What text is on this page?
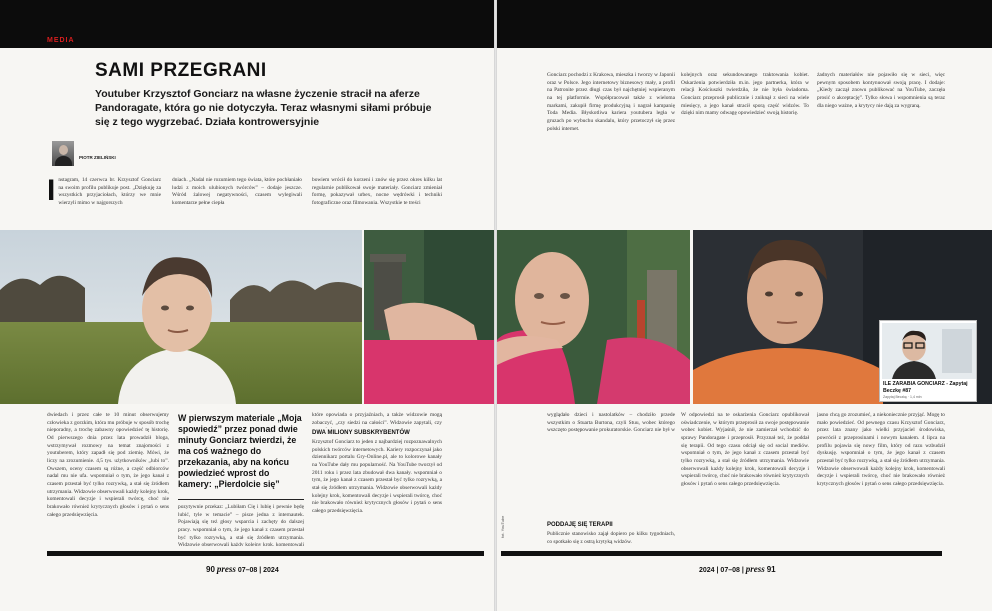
MEDIA
SAMI PRZEGRANI

Youtuber Krzysztof Gonciarz na własne życzenie stracił na aferze Pandoragate, która go nie dotyczyła. Teraz własnymi siłami próbuje się z tego wygrzebać. Działa kontrowersyjnie

PIOTR ZIELIŃSKI
I nstagram, 14 czerwca br. Krzysztof Gonciarz na swoim profilu publikuje post. „Dziękuję za wszystkich przyjaciołach, którzy we mnie wierzyli mimo w najgorszych
dniach. „Nadal nie rozumiem tego świata, które pochłaniało ludzi z moich ulubionych twórców” – dodaje jeszcze. Wśród żalowej negatywności, czasem wylegiwali komentarze pełne ciepła
bowiem wrócił do korzeni i znów się przez okres kilku lat regularnie publikował swoje materiały. Gonciarz zmieniał formę, pokazywał urbex, nocne wędrówki i techniki fotograficzne oraz filmowania. Wszystkie te treści
dwiedach i przez całe te 10 minut obserwujemy człowieka z gorzkim, która mu próbuje w sposób trochę nieporadny, a trochę zabawny opowiedzieć tę historię. Od pierwszego dnia przez lata prowadził bloga, wstrzymywał rozmowy na temat znajomości z youtuberem, który zapadł się pod ziemię. Mówi, że liczy na zrozumienie. 4,5 tys. użytkowników „lubi to”. Owszem, oceny czasem są różne, a część odbiorców nadal mu nie ufa. wspomniał o tym, że jego kanał z czasem przestał być tylko rozrywką, a stał się źródłem utrzymania. Widzowie obserwowali każdy kolejny krok, komentowali decyzje i wspierali twórcę, choć nie brakowało również krytycznych głosów i pytań o sens całego przedsięwzięcia.

W pierwszym materiale „Moja spowiedź” przez ponad dwie minuty Gonciarz twierdzi, że ma coś ważnego do przekazania, aby na końcu powiedzieć wprost do kamery: „Pierdolcie się”

pozytywnie przekaz: „Lubiłam Cię i lubię i pewnie będę lubić, tyle w temacie” – pisze jedna z internautek. Pojawiają się też głosy wsparcia i zachęty do dalszej pracy. wspomniał o tym, że jego kanał z czasem przestał być tylko rozrywką, a stał się źródłem utrzymania. Widzowie obserwowali każdy kolejny krok, komentowali decyzje i wspierali twórcę, choć nie brakowało również krytycznych głosów i pytań o sens całego przedsięwzięcia.
które opowiada o przyjaźniach, a także widzowie mogą zobaczyć, „czy siedzi na całości”. Widzowie zapytali, czy
DWA MILIONY SUBSKRYBENTÓW
Krzysztof Gonciarz to jeden z najbardziej rozpoznawalnych polskich twórców internetowych. Kariery rozpoczynał jako dziennikarz portalu Gry-Online.pl, ale to kolorowe kanały na YouTube dały mu popularność. Na YouTube tworzył od 2011 roku i przez lata zbudował dwa kanały. wspomniał o tym, że jego kanał z czasem przestał być tylko rozrywką, a stał się źródłem utrzymania. Widzowie obserwowali każdy kolejny krok, komentowali decyzje i wspierali twórcę, choć nie brakowało również krytycznych głosów i pytań o sens całego przedsięwzięcia.
90 press 07–08 | 2024
Gonciarz pochodzi z Krakowa, mieszka i tworzy w Japonii oraz w Polsce. Jego internetowy biznesowy mały, a profil na Patronite przez długi czas był najchętniej wspieranym na tej platformie. Współpracował także z wieloma markami, zakupił firmę produkcyjną i nagrał kampanię Toda Media. Błyskotliwa kariera youtubera legła w gruzach po wybuchu skandalu, który przetoczył się przez polski internet.
kolejnych oraz sekundowanego traktowania kobiet. Oskarżenia potwierdziła m.in. jego partnerka, która w relacji Kościuszki twierdziła, że nie była świadoma. Gonciarz przeprosił publicznie i zniknął z sieci na wiele miesięcy, a jego kanał stracił sporą część widzów. To dzięki nim mamy odwagę opowiedzieć swoją historię.
żadnych materiałów nie pojawiło się w sieci, więc pewnym sposobem kontynuował swoją pracę. I dodaje: „Kiedy zaczął znowu publikować na YouTube, zaczęła prosić o akceptację”. Tylko słowa i wspomnienia są teraz dla niego ważne, a krytycy nie dają za wygraną.
ILE ZARABIA GONCIARZ - Zapytaj Beczkę #87
Zapytaj Beczkę · 1,4 mln
wyglądało dzieci i nastolatków – chodziło przede wszystkim o Stuarta Burtona, czyli Stuu, wobec którego wszczęto postępowanie prokuratorskie. Gonciarz nie był w
PODDAJĘ SIĘ TERAPII
Publicznie stanowisko zajął dopiero po kilku tygodniach, co spotkało się z ostrą krytyką widzów.
W odpowiedzi na te oskarżenia Gonciarz opublikował oświadczenie, w którym przeprosił za swoje postępowanie wobec kobiet. Wyjaśnił, że nie zamierzał wchodzić do sprawy Pandoragate i przeprosił. Przyznał też, że poddał się terapii. Od tego czasu odciął się od social mediów. wspomniał o tym, że jego kanał z czasem przestał być tylko rozrywką, a stał się źródłem utrzymania. Widzowie obserwowali każdy kolejny krok, komentowali decyzje i wspierali twórcę, choć nie brakowało również krytycznych głosów i pytań o sens całego przedsięwzięcia.
jasno chcą go zrozumieć, a niekoniecznie przyjąć. Mogę to mało powiedzieć. Od pewnego czasu Krzysztof Gonciarz, przez lata znany jako wielki przyjaciel środowiska, powrócił z przeprosinami i nowym kanałem. 4 lipca na profilu pojawia się nowy film, który od razu wzbudził dyskusję. wspomniał o tym, że jego kanał z czasem przestał być tylko rozrywką, a stał się źródłem utrzymania. Widzowie obserwowali każdy kolejny krok, komentowali decyzje i wspierali twórcę, choć nie brakowało również krytycznych głosów i pytań o sens całego przedsięwzięcia.
fot. YouTube
2024 | 07–08 | press 91
